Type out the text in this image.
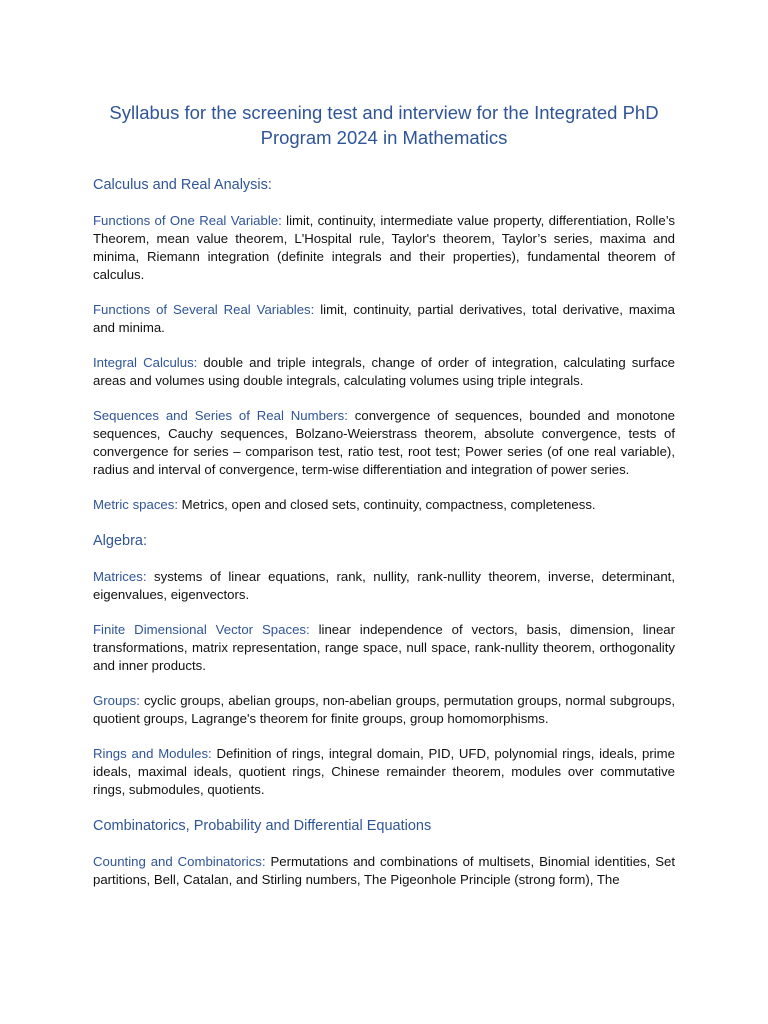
Syllabus for the screening test and interview for the Integrated PhD Program 2024 in Mathematics
Calculus and Real Analysis:

Functions of One Real Variable: limit, continuity, intermediate value property, differentiation, Rolle’s Theorem, mean value theorem, L'Hospital rule, Taylor's theorem, Taylor’s series, maxima and minima, Riemann integration (definite integrals and their properties), fundamental theorem of calculus.

Functions of Several Real Variables: limit, continuity, partial derivatives, total derivative, maxima and minima.

Integral Calculus: double and triple integrals, change of order of integration, calculating surface areas and volumes using double integrals, calculating volumes using triple integrals.

Sequences and Series of Real Numbers: convergence of sequences, bounded and monotone sequences, Cauchy sequences, Bolzano-Weierstrass theorem, absolute convergence, tests of convergence for series – comparison test, ratio test, root test; Power series (of one real variable), radius and interval of convergence, term-wise differentiation and integration of power series.

Metric spaces: Metrics, open and closed sets, continuity, compactness, completeness.

Algebra:

Matrices: systems of linear equations, rank, nullity, rank-nullity theorem, inverse, determinant, eigenvalues, eigenvectors.

Finite Dimensional Vector Spaces: linear independence of vectors, basis, dimension, linear transformations, matrix representation, range space, null space, rank-nullity theorem, orthogonality and inner products.

Groups: cyclic groups, abelian groups, non-abelian groups, permutation groups, normal subgroups, quotient groups, Lagrange's theorem for finite groups, group homomorphisms.

Rings and Modules: Definition of rings, integral domain, PID, UFD, polynomial rings, ideals, prime ideals, maximal ideals, quotient rings, Chinese remainder theorem, modules over commutative rings, submodules, quotients.

Combinatorics, Probability and Differential Equations

Counting and Combinatorics: Permutations and combinations of multisets, Binomial identities, Set partitions, Bell, Catalan, and Stirling numbers, The Pigeonhole Principle (strong form), The
